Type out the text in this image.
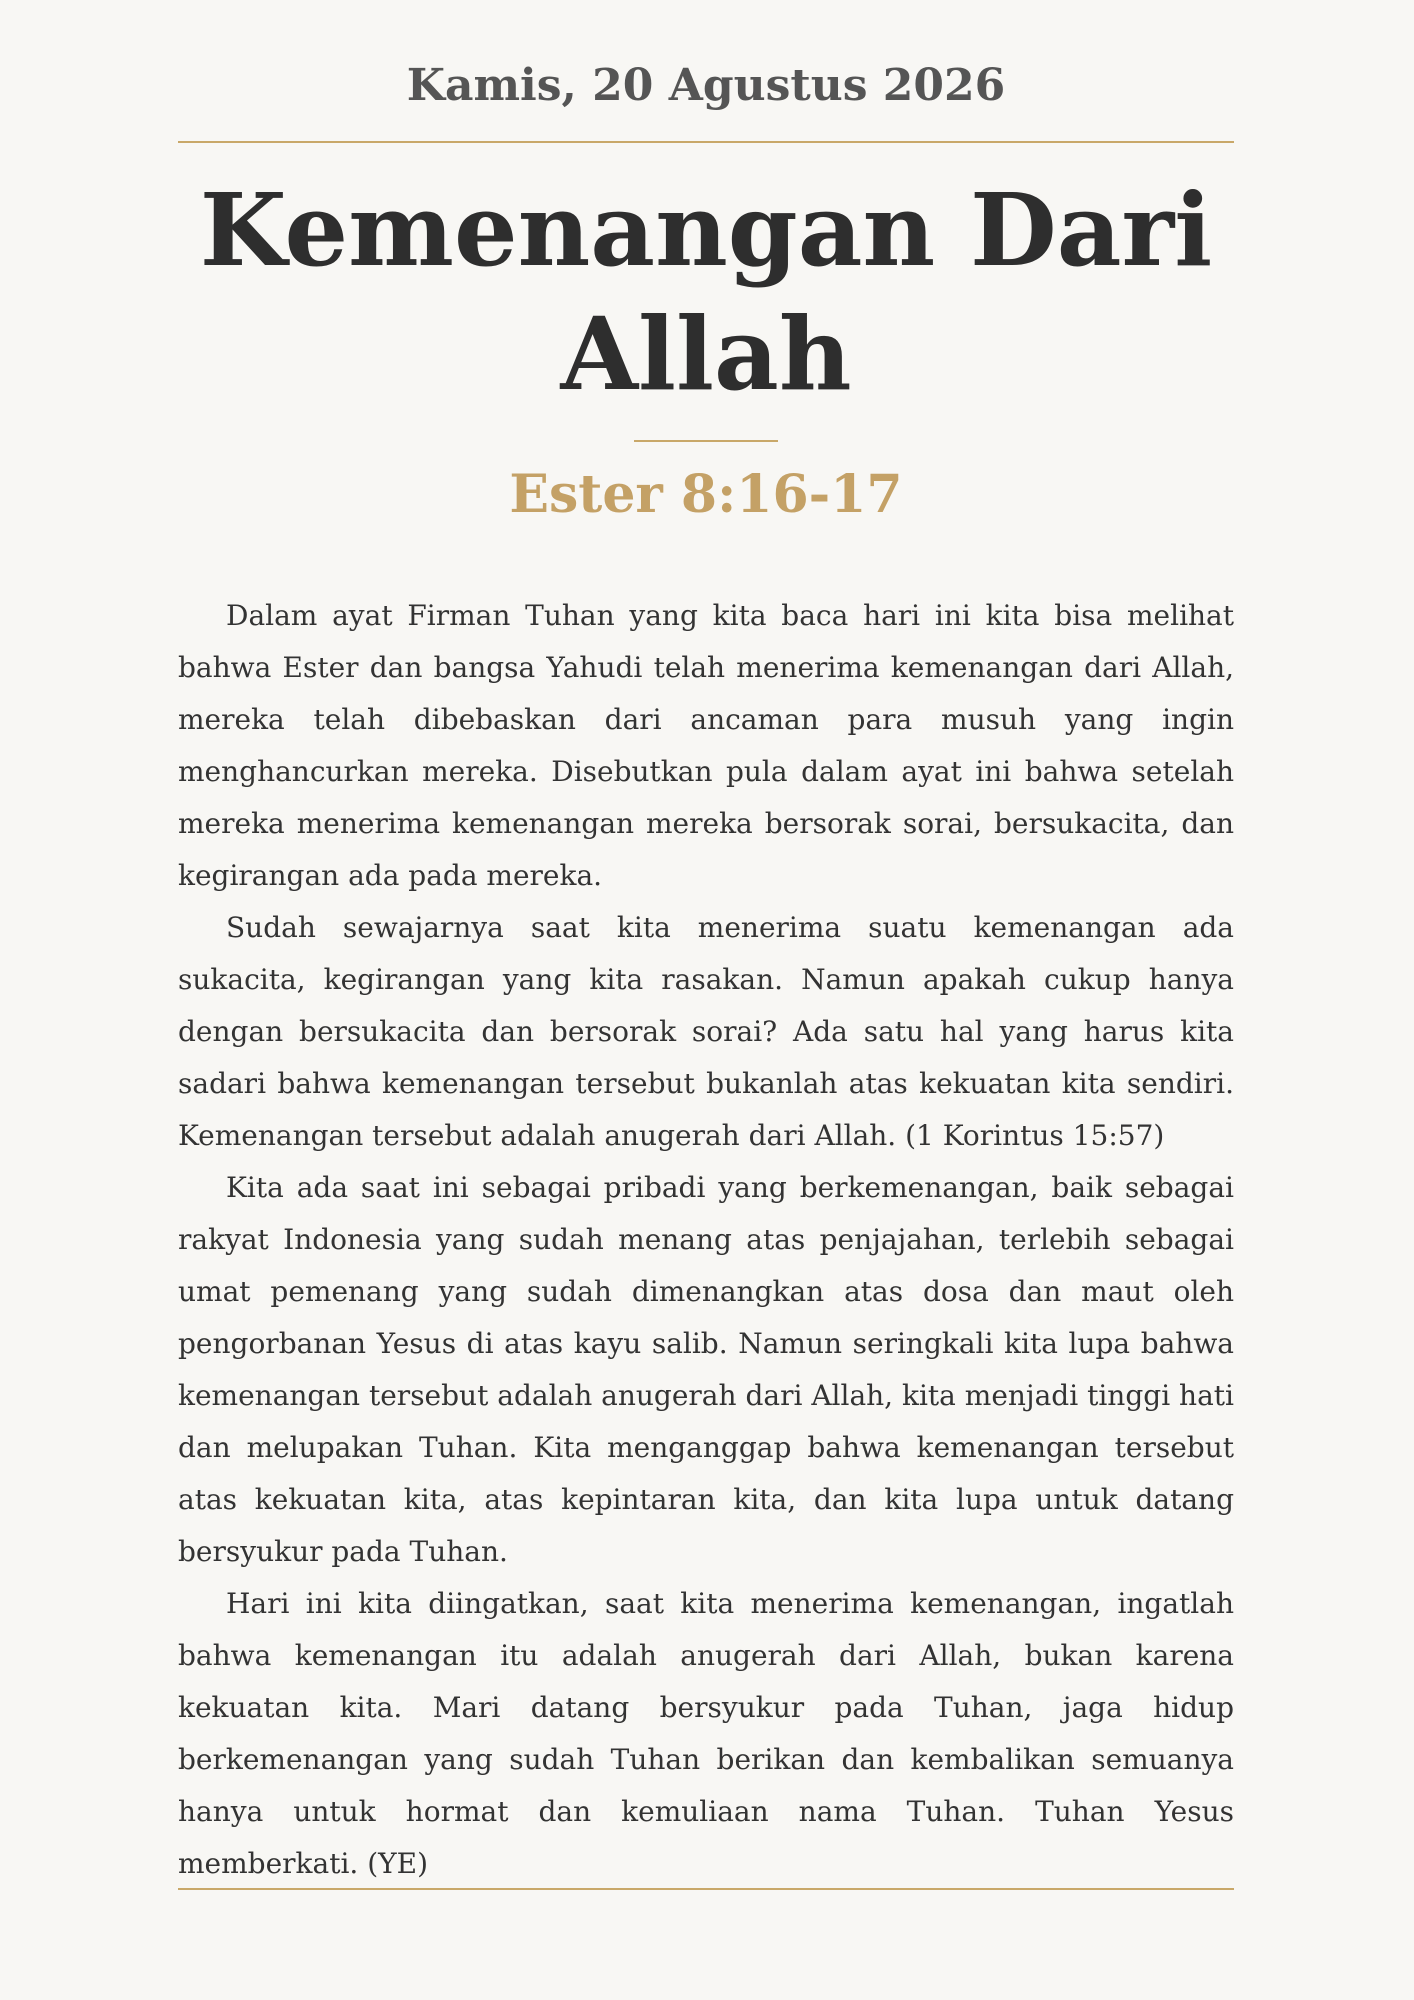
Kamis, 20 Agustus 2026
Kemenangan Dari Allah
Ester 8:16-17

Dalam ayat Firman Tuhan yang kita baca hari ini kita bisa melihat bahwa Ester dan bangsa Yahudi telah menerima kemenangan dari Allah, mereka telah dibebaskan dari ancaman para musuh yang ingin menghancurkan mereka. Disebutkan pula dalam ayat ini bahwa setelah mereka menerima kemenangan mereka bersorak sorai, bersukacita, dan kegirangan ada pada mereka.

Sudah sewajarnya saat kita menerima suatu kemenangan ada sukacita, kegirangan yang kita rasakan. Namun apakah cukup hanya dengan bersukacita dan bersorak sorai? Ada satu hal yang harus kita sadari bahwa kemenangan tersebut bukanlah atas kekuatan kita sendiri. Kemenangan tersebut adalah anugerah dari Allah. (1 Korintus 15:57)

Kita ada saat ini sebagai pribadi yang berkemenangan, baik sebagai rakyat Indonesia yang sudah menang atas penjajahan, terlebih sebagai umat pemenang yang sudah dimenangkan atas dosa dan maut oleh pengorbanan Yesus di atas kayu salib. Namun seringkali kita lupa bahwa kemenangan tersebut adalah anugerah dari Allah, kita menjadi tinggi hati dan melupakan Tuhan. Kita menganggap bahwa kemenangan tersebut atas kekuatan kita, atas kepintaran kita, dan kita lupa untuk datang bersyukur pada Tuhan.

Hari ini kita diingatkan, saat kita menerima kemenangan, ingatlah bahwa kemenangan itu adalah anugerah dari Allah, bukan karena kekuatan kita. Mari datang bersyukur pada Tuhan, jaga hidup berkemenangan yang sudah Tuhan berikan dan kembalikan semuanya hanya untuk hormat dan kemuliaan nama Tuhan. Tuhan Yesus memberkati. (YE)
